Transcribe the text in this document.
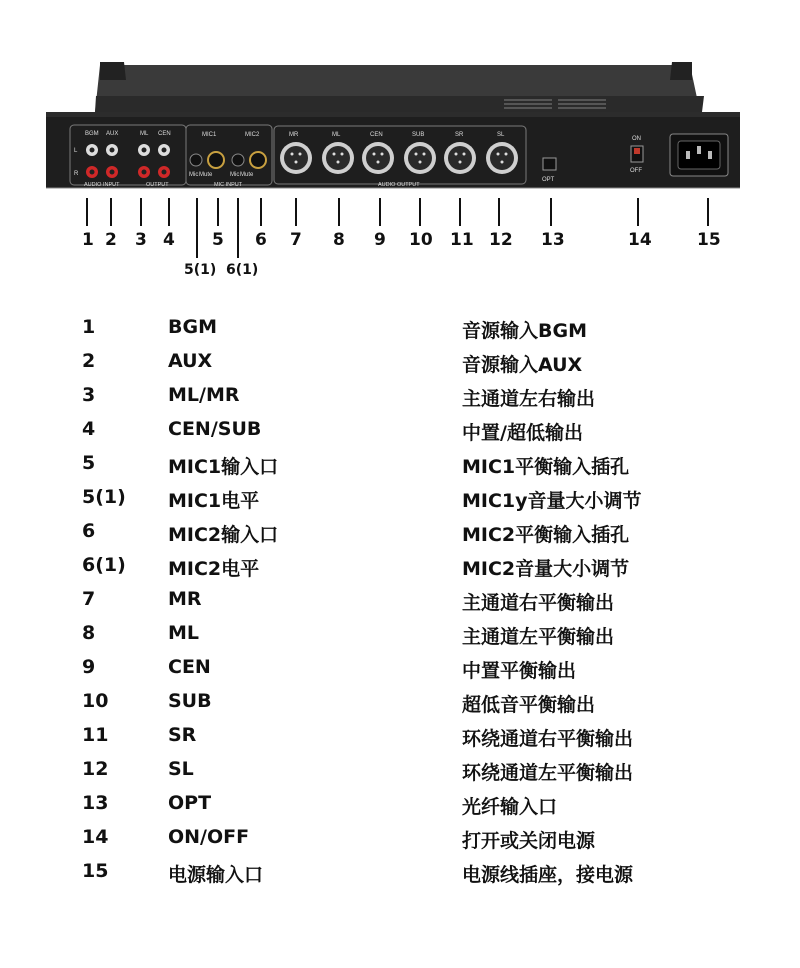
BGM AUX	ML CEN
L
R
MIC1	MIC2
Mic Mute	Mic Mute
MR	ML	CEN	SUB	SR	SL
OPT
ON
OFF
AUDIO INPUT	OUTPUT	MIC INPUT	AUDIO OUTPUT
1 2 3 4 5 6 7 8 9 10 11 12 13	14	15
5(1) 6(1)
1	BGM	音源输入BGM
2	AUX	音源输入AUX
3	ML/MR	主通道左右输出
4	CEN/SUB	中置/超低输出
5	MIC1输入口	MIC1平衡输入插孔
5(1) MIC1电平	MIC1y音量大小调节
6	MIC2输入口	MIC2平衡输入插孔
6(1) MIC2电平	MIC2音量大小调节
7	MR	主通道右平衡输出
8	ML	主通道左平衡输出
9	CEN	中置平衡输出
10	SUB	超低音平衡输出
11	SR	环绕通道右平衡输出
12	SL	环绕通道左平衡输出
13	OPT	光纤输入口
14	ON/OFF	打开或关闭电源
15	电源输入口	电源线插座，接电源
